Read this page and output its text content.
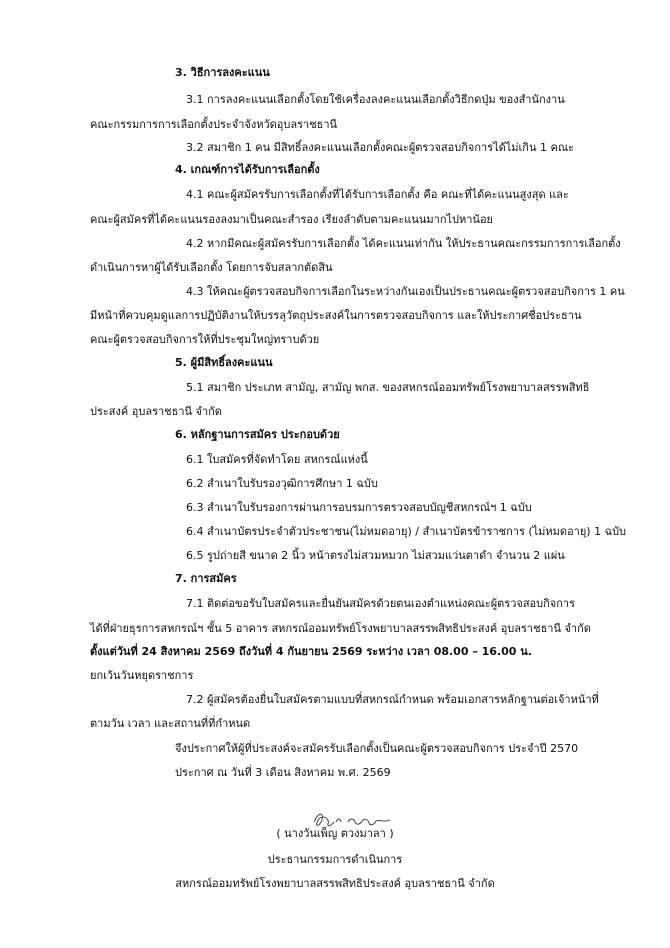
3. วิธีการลงคะแนน
3.1 การลงคะแนนเลือกตั้งโดยใช้เครื่องลงคะแนนเลือกตั้งวิธีกดปุ่ม ของสำนักงาน
คณะกรรมการการเลือกตั้งประจำจังหวัดอุบลราชธานี
3.2 สมาชิก 1 คน มีสิทธิ์ลงคะแนนเลือกตั้งคณะผู้ตรวจสอบกิจการได้ไม่เกิน 1 คณะ
4. เกณฑ์การได้รับการเลือกตั้ง
4.1 คณะผู้สมัครรับการเลือกตั้งที่ได้รับการเลือกตั้ง คือ คณะที่ได้คะแนนสูงสุด และ
คณะผู้สมัครที่ได้คะแนนรองลงมาเป็นคณะสำรอง เรียงลำดับตามคะแนนมากไปหาน้อย
4.2 หากมีคณะผู้สมัครรับการเลือกตั้ง ได้คะแนนเท่ากัน ให้ประธานคณะกรรมการการเลือกตั้ง
ดำเนินการหาผู้ได้รับเลือกตั้ง โดยการจับสลากตัดสิน
4.3 ให้คณะผู้ตรวจสอบกิจการเลือกในระหว่างกันเองเป็นประธานคณะผู้ตรวจสอบกิจการ 1 คน
มีหน้าที่ควบคุมดูแลการปฏิบัติงานให้บรรลุวัตถุประสงค์ในการตรวจสอบกิจการ และให้ประกาศชื่อประธาน
คณะผู้ตรวจสอบกิจการให้ที่ประชุมใหญ่ทราบด้วย
5. ผู้มีสิทธิ์ลงคะแนน
5.1 สมาชิก ประเภท สามัญ, สามัญ พกส. ของสหกรณ์ออมทรัพย์โรงพยาบาลสรรพสิทธิ
ประสงค์ อุบลราชธานี จำกัด
6. หลักฐานการสมัคร ประกอบด้วย
6.1 ใบสมัครที่จัดทำโดย สหกรณ์แห่งนี้
6.2 สำเนาใบรับรองวุฒิการศึกษา 1 ฉบับ
6.3 สำเนาใบรับรองการผ่านการอบรมการตรวจสอบบัญชีสหกรณ์ฯ 1 ฉบับ
6.4 สำเนาบัตรประจำตัวประชาชน(ไม่หมดอายุ) / สำเนาบัตรข้าราชการ (ไม่หมดอายุ) 1 ฉบับ
6.5 รูปถ่ายสี ขนาด 2 นิ้ว หน้าตรงไม่สวมหมวก ไม่สวมแว่นตาดำ จำนวน 2 แผ่น
7. การสมัคร
7.1 ติดต่อขอรับใบสมัครและยื่นยันสมัครด้วยตนเองตำแหน่งคณะผู้ตรวจสอบกิจการ
ได้ที่ฝ่ายธุรการสหกรณ์ฯ ชั้น 5 อาคาร สหกรณ์ออมทรัพย์โรงพยาบาลสรรพสิทธิประสงค์ อุบลราชธานี จำกัด
ตั้งแต่วันที่ 24 สิงหาคม 2569 ถึงวันที่ 4 กันยายน 2569 ระหว่าง เวลา 08.00 – 16.00 น.
ยกเว้นวันหยุดราชการ
7.2 ผู้สมัครต้องยื่นใบสมัครตามแบบที่สหกรณ์กำหนด พร้อมเอกสารหลักฐานต่อเจ้าหน้าที่
ตามวัน เวลา และสถานที่ที่กำหนด
จึงประกาศให้ผู้ที่ประสงค์จะสมัครรับเลือกตั้งเป็นคณะผู้ตรวจสอบกิจการ ประจำปี 2570
ประกาศ ณ วันที่ 3 เดือน สิงหาคม พ.ศ. 2569
( นางวันเพ็ญ ตวงมาลา )
ประธานกรรมการดำเนินการ
สหกรณ์ออมทรัพย์โรงพยาบาลสรรพสิทธิประสงค์ อุบลราชธานี จำกัด
